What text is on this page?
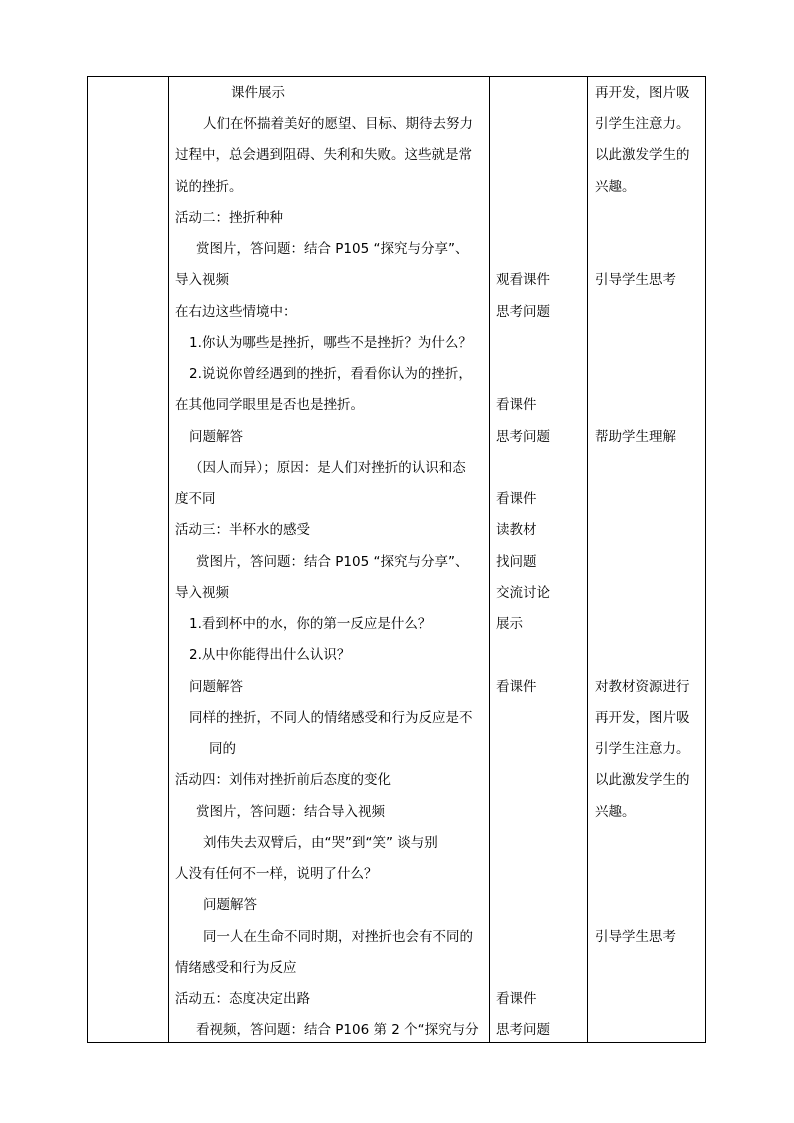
课件展示
人们在怀揣着美好的愿望、目标、期待去努力
过程中，总会遇到阻碍、失利和失败。这些就是常
说的挫折。
活动二：挫折种种
赏图片，答问题：结合 P105 “探究与分享”、
导入视频
在右边这些情境中：
1.你认为哪些是挫折，哪些不是挫折？为什么？
2.说说你曾经遇到的挫折，看看你认为的挫折，
在其他同学眼里是否也是挫折。
问题解答
（因人而异）；原因：是人们对挫折的认识和态
度不同
活动三：半杯水的感受
赏图片，答问题：结合 P105 “探究与分享”、
导入视频
1.看到杯中的水，你的第一反应是什么？
2.从中你能得出什么认识？
问题解答
同样的挫折，不同人的情绪感受和行为反应是不
同的
活动四：刘伟对挫折前后态度的变化
赏图片，答问题：结合导入视频
刘伟失去双臂后，由“哭”到“笑” 谈与别
人没有任何不一样，说明了什么？
问题解答
同一人在生命不同时期，对挫折也会有不同的
情绪感受和行为反应
活动五：态度决定出路
看视频，答问题：结合 P106 第 2 个“探究与分
观看课件
思考问题
看课件
思考问题
看课件
读教材
找问题
交流讨论
展示
看课件
看课件
思考问题
再开发，图片吸
引学生注意力。
以此激发学生的
兴趣。
引导学生思考
帮助学生理解
对教材资源进行
再开发，图片吸
引学生注意力。
以此激发学生的
兴趣。
引导学生思考
